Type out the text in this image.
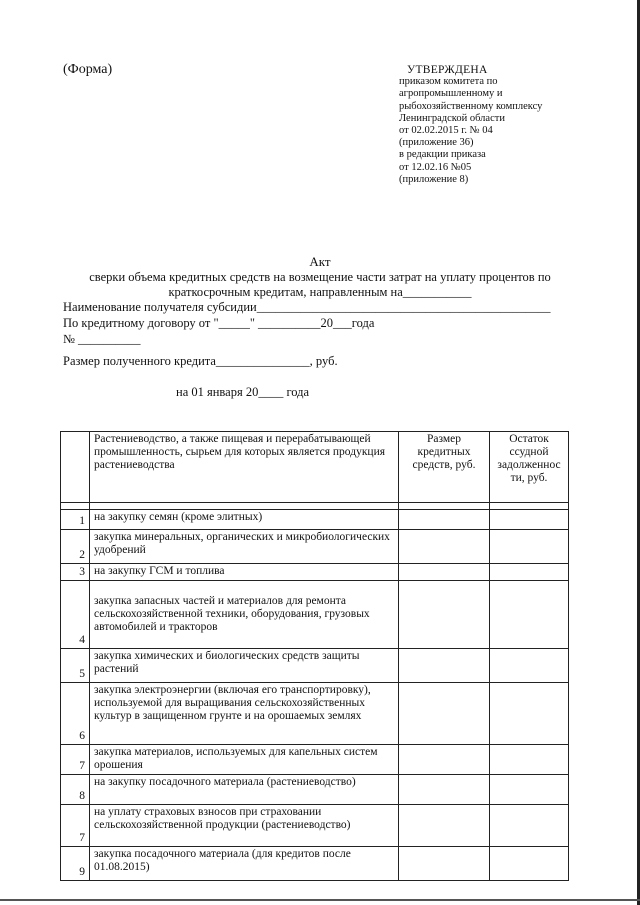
(Форма)	УТВЕРЖДЕНА
приказом комитета по
агропромышленному и
рыбохозяйственному комплексу
Ленинградской области
от 02.02.2015 г. № 04
(приложение 36)
в редакции приказа
от 12.02.16 №05
(приложение 8)
Акт
сверки объема кредитных средств на возмещение части затрат на уплату процентов по краткосрочным кредитам, направленным на___________
Наименование получателя субсидии_______________________________________________
По кредитному договору от "_____" __________20___года
№ __________
Размер полученного кредита_______________, руб.
на 01 января 20____ года
	Растениеводство, а также пищевая и перерабатывающей промышленность, сырьем для которых является продукция растениеводства	Размер кредитных средств, руб.	Остаток ссудной задолженнос ти, руб.

1	на закупку семян (кроме элитных)		
2	закупка минеральных, органических и микробиологических удобрений		
3	на закупку ГСМ и топлива		
4	закупка запасных частей и материалов для ремонта сельскохозяйственной техники, оборудования, грузовых автомобилей и тракторов		
5	закупка химических и биологических средств защиты растений		
6	закупка электроэнергии (включая его транспортировку), используемой для выращивания сельскохозяйственных культур в защищенном грунте и на орошаемых землях		
7	закупка материалов, используемых для капельных систем орошения		
8	на закупку посадочного материала (растениеводство)		
7	на уплату страховых взносов при страховании сельскохозяйственной продукции (растениеводство)		
9	закупка посадочного материала (для кредитов после 01.08.2015)		
